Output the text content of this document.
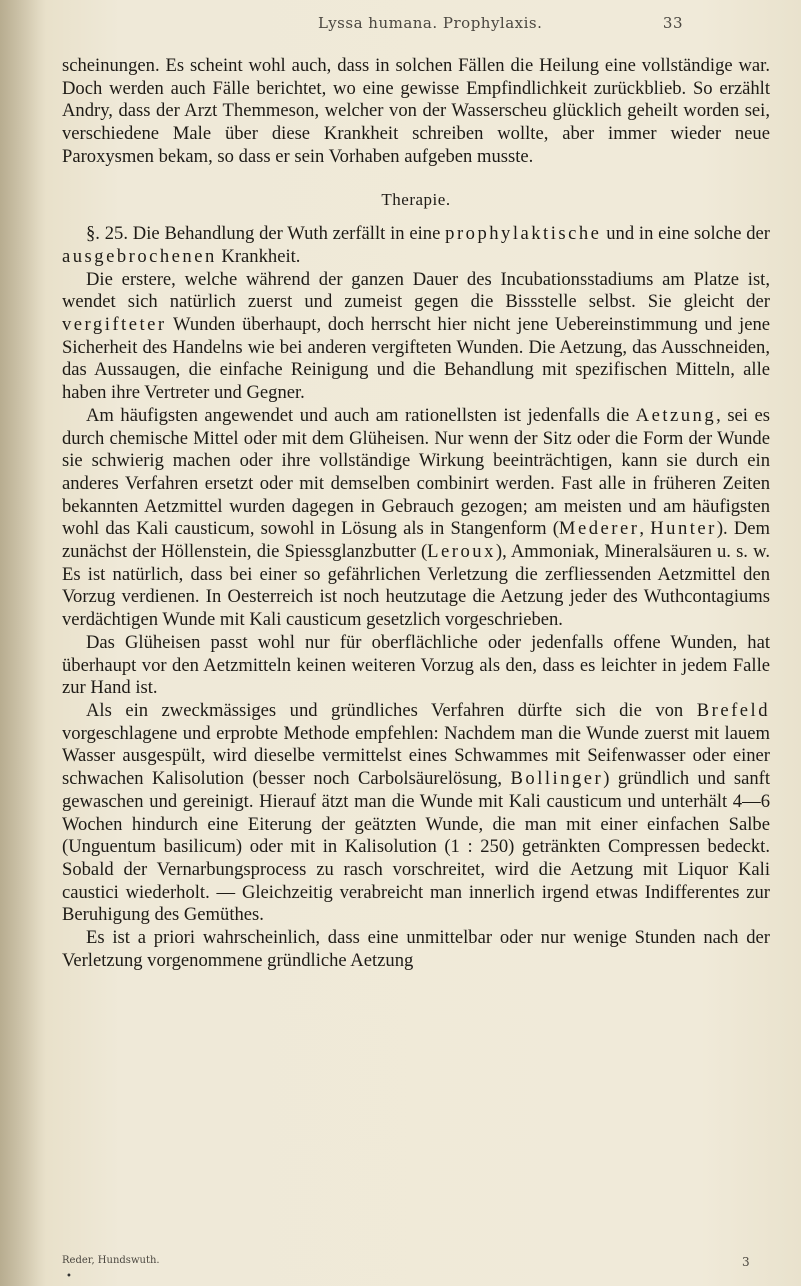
Lyssa humana. Prophylaxis.	33

scheinungen. Es scheint wohl auch, dass in solchen Fällen die Heilung eine vollständige war. Doch werden auch Fälle berichtet, wo eine gewisse Empfindlichkeit zurückblieb. So erzählt Andry, dass der Arzt Themmeson, welcher von der Wasserscheu glücklich geheilt worden sei, verschiedene Male über diese Krankheit schreiben wollte, aber immer wieder neue Paroxysmen bekam, so dass er sein Vorhaben aufgeben musste.

Therapie.

§. 25. Die Behandlung der Wuth zerfällt in eine prophylaktische und in eine solche der ausgebrochenen Krankheit.

Die erstere, welche während der ganzen Dauer des Incubationsstadiums am Platze ist, wendet sich natürlich zuerst und zumeist gegen die Bissstelle selbst. Sie gleicht der vergifteter Wunden überhaupt, doch herrscht hier nicht jene Uebereinstimmung und jene Sicherheit des Handelns wie bei anderen vergifteten Wunden. Die Aetzung, das Ausschneiden, das Aussaugen, die einfache Reinigung und die Behandlung mit spezifischen Mitteln, alle haben ihre Vertreter und Gegner.

Am häufigsten angewendet und auch am rationellsten ist jedenfalls die Aetzung, sei es durch chemische Mittel oder mit dem Glüheisen. Nur wenn der Sitz oder die Form der Wunde sie schwierig machen oder ihre vollständige Wirkung beeinträchtigen, kann sie durch ein anderes Verfahren ersetzt oder mit demselben combinirt werden. Fast alle in früheren Zeiten bekannten Aetzmittel wurden dagegen in Gebrauch gezogen; am meisten und am häufigsten wohl das Kali causticum, sowohl in Lösung als in Stangenform (Mederer, Hunter). Dem zunächst der Höllenstein, die Spiessglanzbutter (Leroux), Ammoniak, Mineralsäuren u. s. w. Es ist natürlich, dass bei einer so gefährlichen Verletzung die zerfliessenden Aetzmittel den Vorzug verdienen. In Oesterreich ist noch heutzutage die Aetzung jeder des Wuthcontagiums verdächtigen Wunde mit Kali causticum gesetzlich vorgeschrieben.

Das Glüheisen passt wohl nur für oberflächliche oder jedenfalls offene Wunden, hat überhaupt vor den Aetzmitteln keinen weiteren Vorzug als den, dass es leichter in jedem Falle zur Hand ist.

Als ein zweckmässiges und gründliches Verfahren dürfte sich die von Brefeld vorgeschlagene und erprobte Methode empfehlen: Nachdem man die Wunde zuerst mit lauem Wasser ausgespült, wird dieselbe vermittelst eines Schwammes mit Seifenwasser oder einer schwachen Kalisolution (besser noch Carbolsäurelösung, Bollinger) gründlich und sanft gewaschen und gereinigt. Hierauf ätzt man die Wunde mit Kali causticum und unterhält 4—6 Wochen hindurch eine Eiterung der geätzten Wunde, die man mit einer einfachen Salbe (Unguentum basilicum) oder mit in Kalisolution (1 : 250) getränkten Compressen bedeckt. Sobald der Vernarbungsprocess zu rasch vorschreitet, wird die Aetzung mit Liquor Kali caustici wiederholt. — Gleichzeitig verabreicht man innerlich irgend etwas Indifferentes zur Beruhigung des Gemüthes.

Es ist a priori wahrscheinlich, dass eine unmittelbar oder nur wenige Stunden nach der Verletzung vorgenommene gründliche Aetzung

Reder, Hundswuth.	3
•
